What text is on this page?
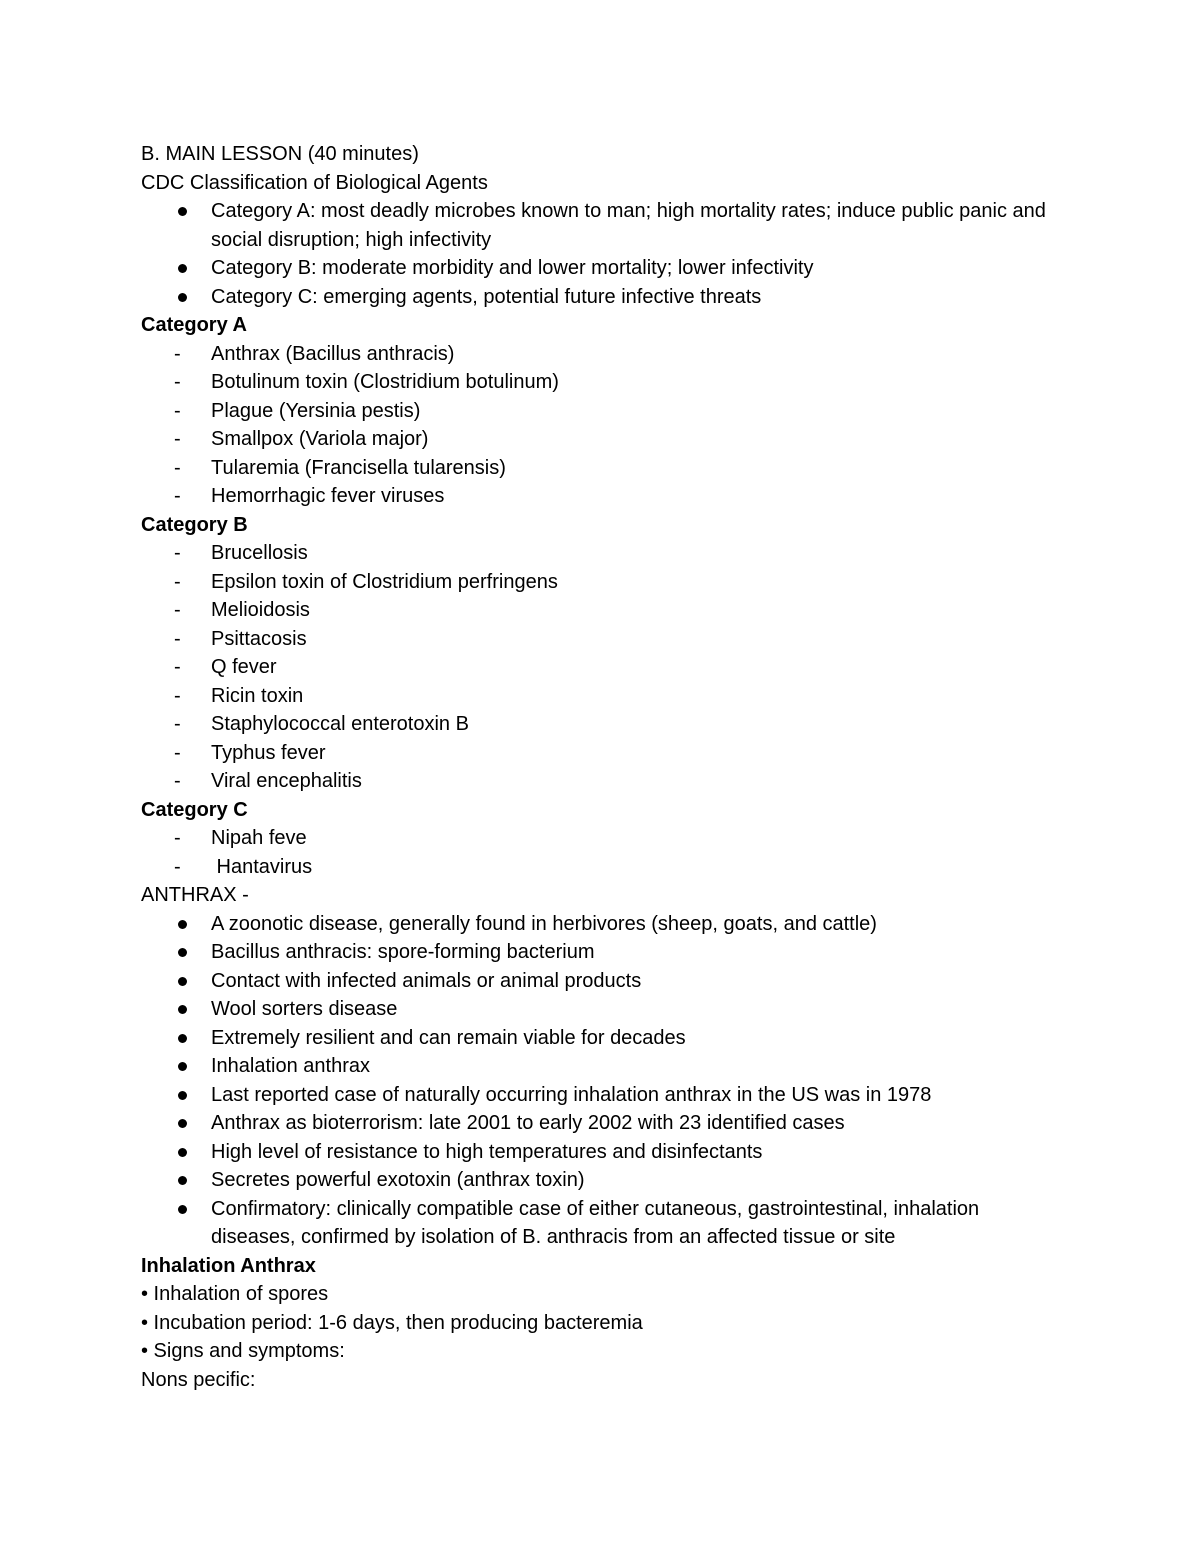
B. MAIN LESSON (40 minutes)
CDC Classification of Biological Agents
Category A: most deadly microbes known to man; high mortality rates; induce public panic and social disruption; high infectivity
Category B: moderate morbidity and lower mortality; lower infectivity
Category C: emerging agents, potential future infective threats
Category A
- Anthrax (Bacillus anthracis)
- Botulinum toxin (Clostridium botulinum)
- Plague (Yersinia pestis)
- Smallpox (Variola major)
- Tularemia (Francisella tularensis)
- Hemorrhagic fever viruses
Category B
- Brucellosis
- Epsilon toxin of Clostridium perfringens
- Melioidosis
- Psittacosis
- Q fever
- Ricin toxin
- Staphylococcal enterotoxin B
- Typhus fever
- Viral encephalitis
Category C
- Nipah feve
- Hantavirus
ANTHRAX -
A zoonotic disease, generally found in herbivores (sheep, goats, and cattle)
Bacillus anthracis: spore-forming bacterium
Contact with infected animals or animal products
Wool sorters disease
Extremely resilient and can remain viable for decades
Inhalation anthrax
Last reported case of naturally occurring inhalation anthrax in the US was in 1978
Anthrax as bioterrorism: late 2001 to early 2002 with 23 identified cases
High level of resistance to high temperatures and disinfectants
Secretes powerful exotoxin (anthrax toxin)
Confirmatory: clinically compatible case of either cutaneous, gastrointestinal, inhalation diseases, confirmed by isolation of B. anthracis from an affected tissue or site
Inhalation Anthrax
• Inhalation of spores
• Incubation period: 1-6 days, then producing bacteremia
• Signs and symptoms:
Nons pecific:
